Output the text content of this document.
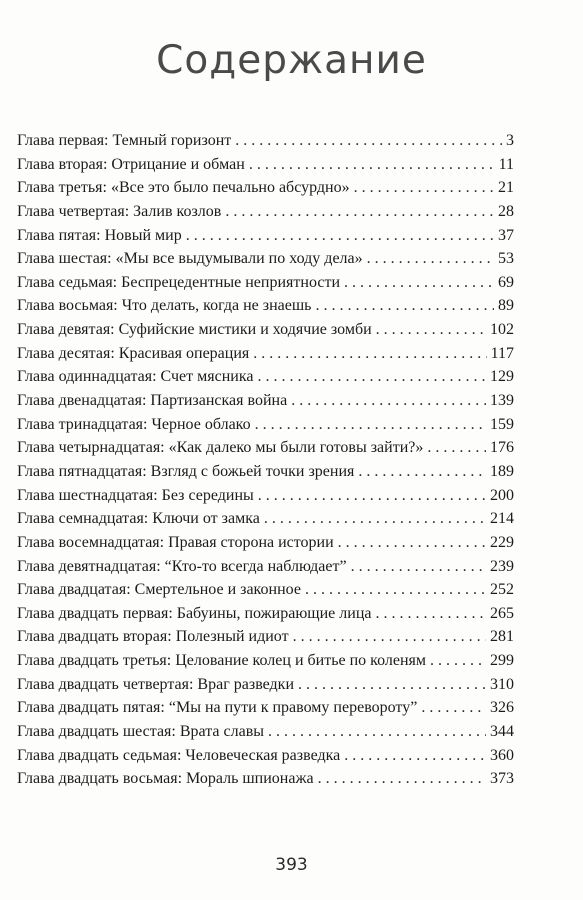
Содержание
Глава первая: Темный горизонт . . .	3
Глава вторая: Отрицание и обман . . .	11
Глава третья: «Все это было печально абсурдно» . . .	21
Глава четвертая: Залив козлов . . .	28
Глава пятая: Новый мир . . .	37
Глава шестая: «Мы все выдумывали по ходу дела» . . .	53
Глава седьмая: Беспрецедентные неприятности . . .	69
Глава восьмая: Что делать, когда не знаешь . . .	89
Глава девятая: Суфийские мистики и ходячие зомби . . .	102
Глава десятая: Красивая операция . . .	117
Глава одиннадцатая: Счет мясника . . .	129
Глава двенадцатая: Партизанская война . . .	139
Глава тринадцатая: Черное облако . . .	159
Глава четырнадцатая: «Как далеко мы были готовы зайти?» . . .	176
Глава пятнадцатая: Взгляд с божьей точки зрения . . .	189
Глава шестнадцатая: Без середины . . .	200
Глава семнадцатая: Ключи от замка . . .	214
Глава восемнадцатая: Правая сторона истории . . .	229
Глава девятнадцатая: “Кто-то всегда наблюдает” . . .	239
Глава двадцатая: Смертельное и законное . . .	252
Глава двадцать первая: Бабуины, пожирающие лица . . .	265
Глава двадцать вторая: Полезный идиот . . .	281
Глава двадцать третья: Целование колец и битье по коленям . . .	299
Глава двадцать четвертая: Враг разведки . . .	310
Глава двадцать пятая: “Мы на пути к правому перевороту” . . .	326
Глава двадцать шестая: Врата славы . . .	344
Глава двадцать седьмая: Человеческая разведка . . .	360
Глава двадцать восьмая: Мораль шпионажа . . .	373
393
